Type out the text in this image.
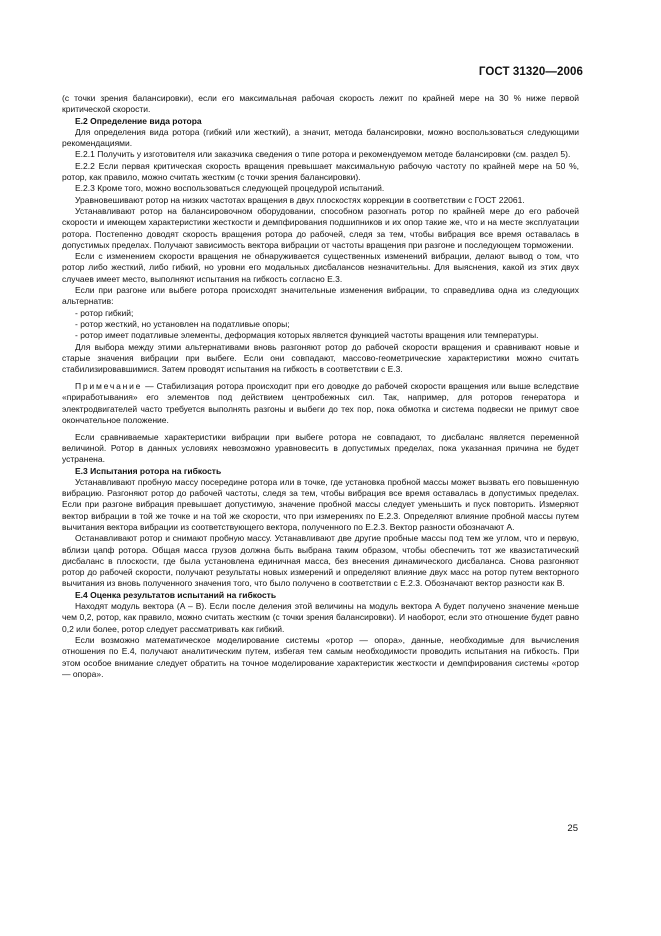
ГОСТ 31320—2006

(с точки зрения балансировки), если его максимальная рабочая скорость лежит по крайней мере на 30 % ниже первой критической скорости.

Е.2 Определение вида ротора

Для определения вида ротора (гибкий или жесткий), а значит, метода балансировки, можно воспользоваться следующими рекомендациями.

Е.2.1 Получить у изготовителя или заказчика сведения о типе ротора и рекомендуемом методе балансировки (см. раздел 5).

Е.2.2 Если первая критическая скорость вращения превышает максимальную рабочую частоту по крайней мере на 50 %, ротор, как правило, можно считать жестким (с точки зрения балансировки).

Е.2.3 Кроме того, можно воспользоваться следующей процедурой испытаний.

Уравновешивают ротор на низких частотах вращения в двух плоскостях коррекции в соответствии с ГОСТ 22061.

Устанавливают ротор на балансировочном оборудовании, способном разогнать ротор по крайней мере до его рабочей скорости и имеющем характеристики жесткости и демпфирования подшипников и их опор такие же, что и на месте эксплуатации ротора. Постепенно доводят скорость вращения ротора до рабочей, следя за тем, чтобы вибрация все время оставалась в допустимых пределах. Получают зависимость вектора вибрации от частоты вращения при разгоне и последующем торможении.

Если с изменением скорости вращения не обнаруживается существенных изменений вибрации, делают вывод о том, что ротор либо жесткий, либо гибкий, но уровни его модальных дисбалансов незначительны. Для выяснения, какой из этих двух случаев имеет место, выполняют испытания на гибкость согласно Е.3.

Если при разгоне или выбеге ротора происходят значительные изменения вибрации, то справедлива одна из следующих альтернатив:

- ротор гибкий;

- ротор жесткий, но установлен на податливые опоры;

- ротор имеет податливые элементы, деформация которых является функцией частоты вращения или температуры.

Для выбора между этими альтернативами вновь разгоняют ротор до рабочей скорости вращения и сравнивают новые и старые значения вибрации при выбеге. Если они совпадают, массово-геометрические характеристики можно считать стабилизировавшимися. Затем проводят испытания на гибкость в соответствии с Е.3.

Примечание — Стабилизация ротора происходит при его доводке до рабочей скорости вращения или выше вследствие «приработывания» его элементов под действием центробежных сил. Так, например, для роторов генератора и электродвигателей часто требуется выполнять разгоны и выбеги до тех пор, пока обмотка и система подвески не примут свое окончательное положение.

Если сравниваемые характеристики вибрации при выбеге ротора не совпадают, то дисбаланс является переменной величиной. Ротор в данных условиях невозможно уравновесить в допустимых пределах, пока указанная причина не будет устранена.

Е.3 Испытания ротора на гибкость

Устанавливают пробную массу посередине ротора или в точке, где установка пробной массы может вызвать его повышенную вибрацию. Разгоняют ротор до рабочей частоты, следя за тем, чтобы вибрация все время оставалась в допустимых пределах. Если при разгоне вибрация превышает допустимую, значение пробной массы следует уменьшить и пуск повторить. Измеряют вектор вибрации в той же точке и на той же скорости, что при измерениях по Е.2.3. Определяют влияние пробной массы путем вычитания вектора вибрации из соответствующего вектора, полученного по Е.2.3. Вектор разности обозначают A.

Останавливают ротор и снимают пробную массу. Устанавливают две другие пробные массы под тем же углом, что и первую, вблизи цапф ротора. Общая масса грузов должна быть выбрана таким образом, чтобы обеспечить тот же квазистатический дисбаланс в плоскости, где была установлена единичная масса, без внесения динамического дисбаланса. Снова разгоняют ротор до рабочей скорости, получают результаты новых измерений и определяют влияние двух масс на ротор путем векторного вычитания из вновь полученного значения того, что было получено в соответствии с Е.2.3. Обозначают вектор разности как B.

Е.4 Оценка результатов испытаний на гибкость

Находят модуль вектора (A – B). Если после деления этой величины на модуль вектора A будет получено значение меньше чем 0,2, ротор, как правило, можно считать жестким (с точки зрения балансировки). И наоборот, если это отношение будет равно 0,2 или более, ротор следует рассматривать как гибкий.

Если возможно математическое моделирование системы «ротор — опора», данные, необходимые для вычисления отношения по Е.4, получают аналитическим путем, избегая тем самым необходимости проводить испытания на гибкость. При этом особое внимание следует обратить на точное моделирование характеристик жесткости и демпфирования системы «ротор — опора».

25
